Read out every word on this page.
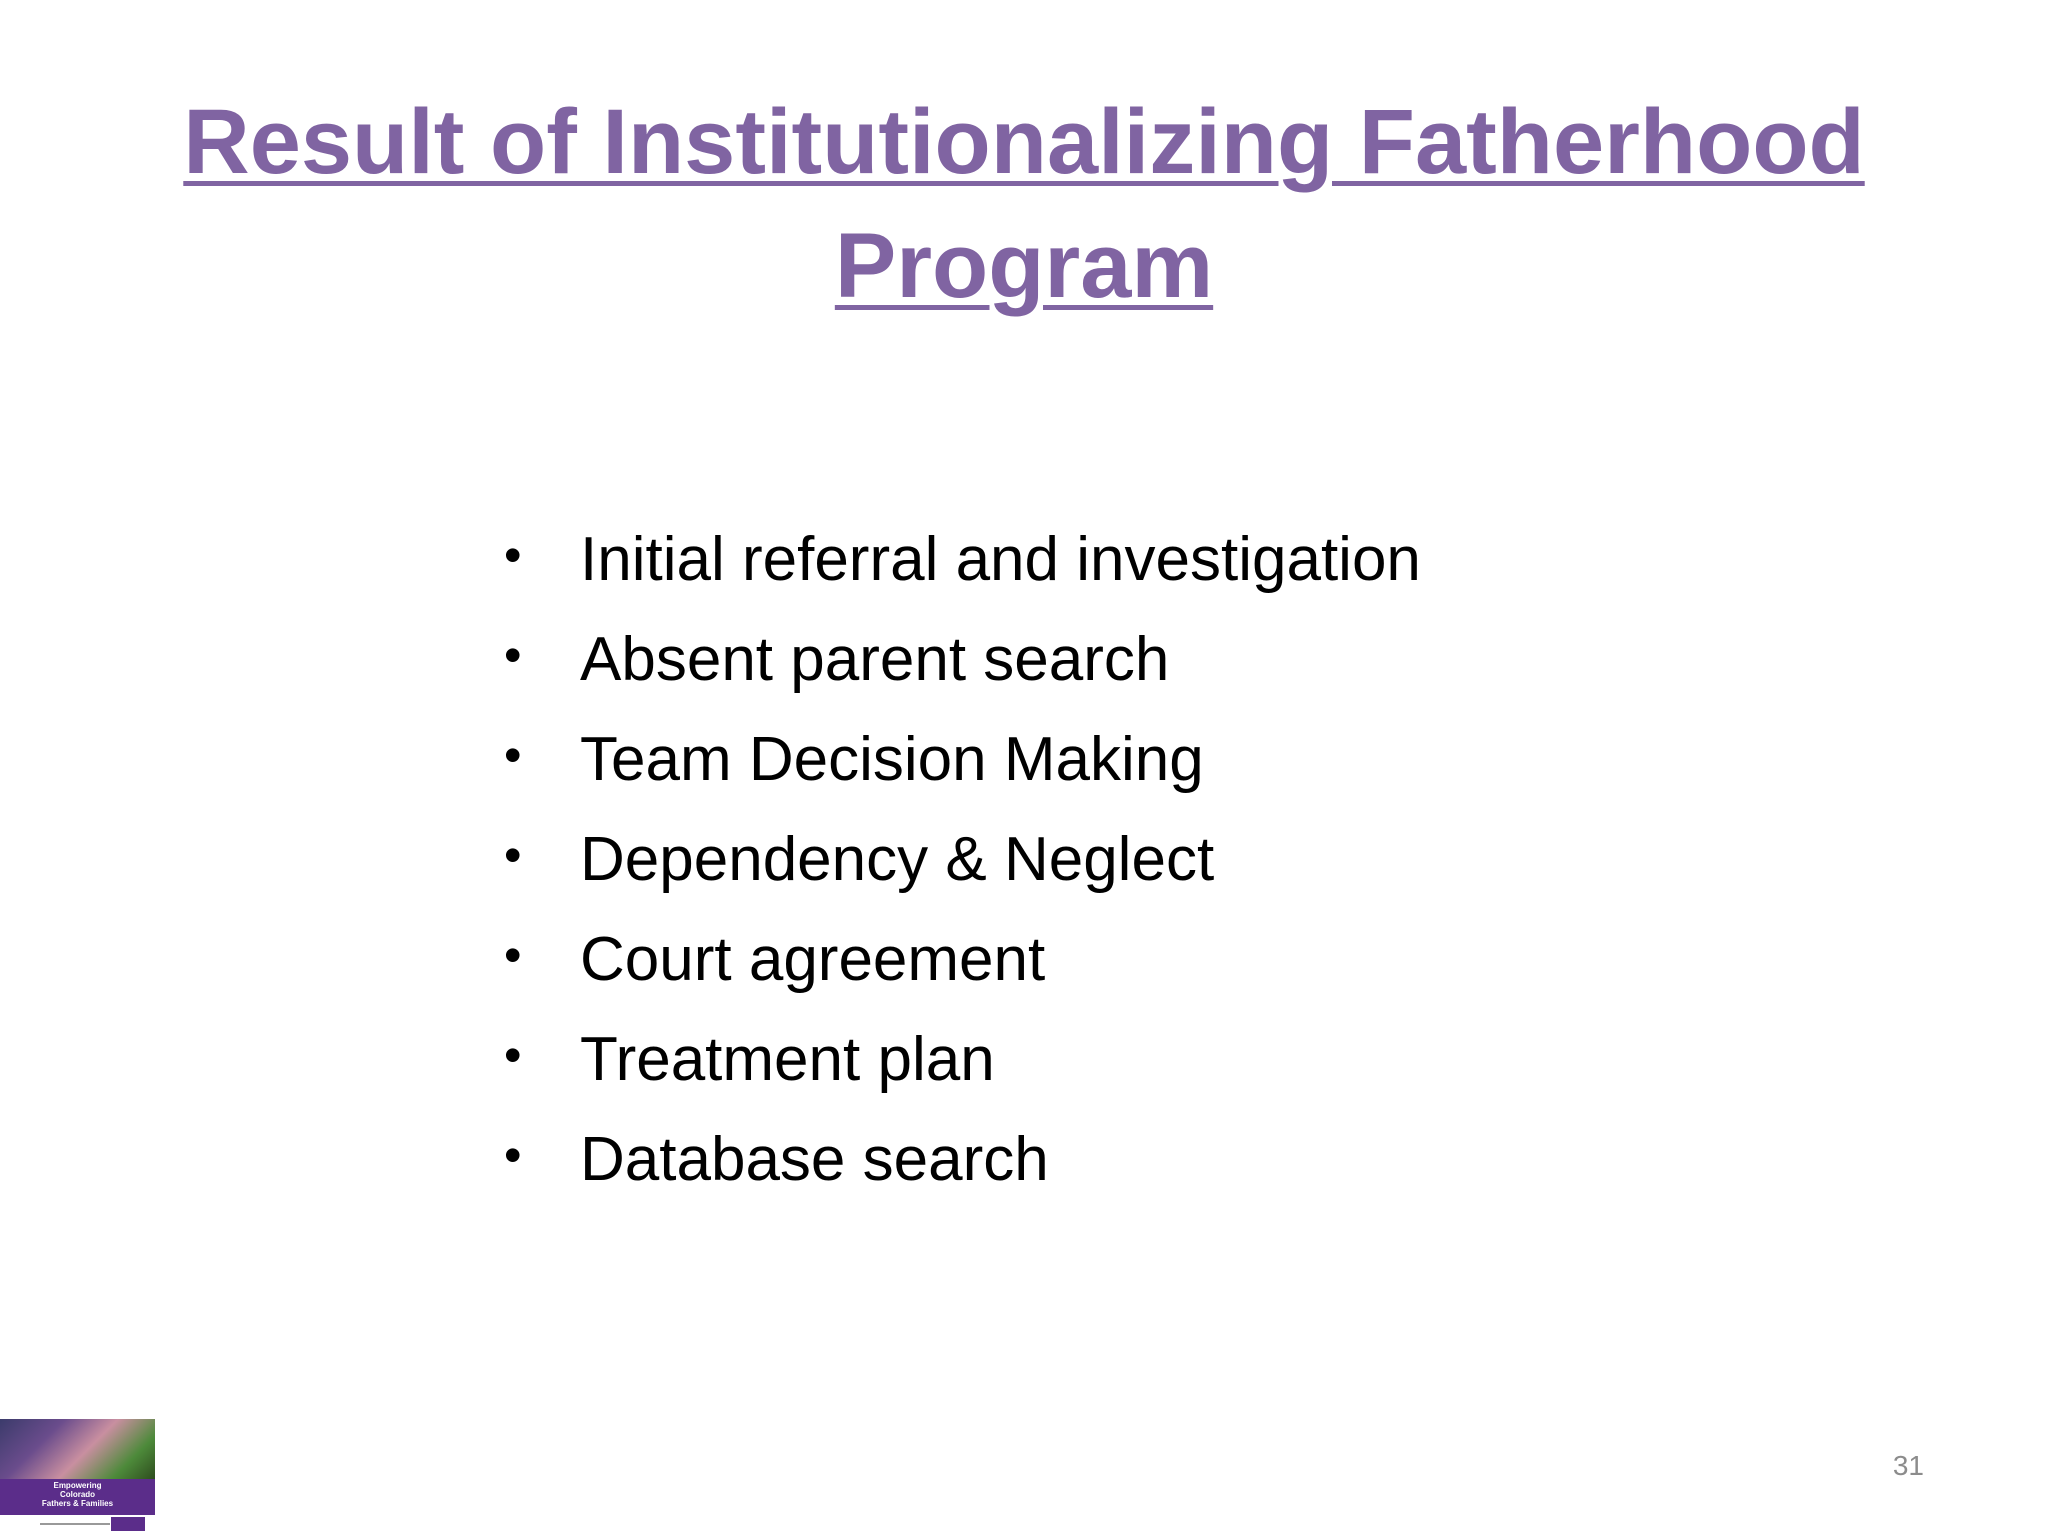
Result of Institutionalizing Fatherhood
Program
• Initial referral and investigation
• Absent parent search
• Team Decision Making
• Dependency & Neglect
• Court agreement
• Treatment plan
• Database search
Empowering
Colorado
Fathers & Families
31
